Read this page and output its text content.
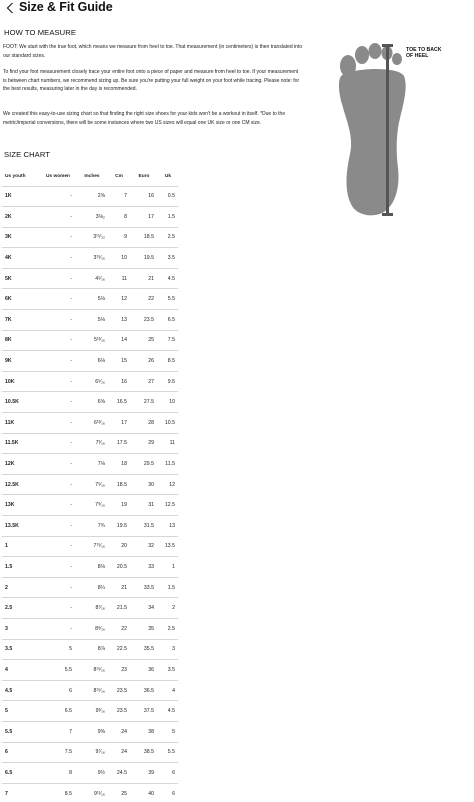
Size & Fit Guide
HOW TO MEASURE
FOOT: We start with the true foot, which means we measure from heel to toe. That measurement (in centimeters) is then translated into our standard sizes.
To find your foot measurement closely trace your entire foot onto a piece of paper and measure from heel to toe. If your measurement is between chart numbers, we recommend sizing up. Be sure you're putting your full weight on your foot while tracing. Please note: for the best results, measuring later in the day is recommended.
We created this easy-to-use sizing chart so that finding the right size shoes for your kids won't be a workout in itself. *Due to the metric/imperial conversions, there will be some instances where two US sizes will equal one UK size or one CM size.
TOE TO BACK OF HEEL
SIZE CHART
Us youth	Us women	Inches	Cm	Euro	Uk	
1K	-	2⅝	7	16	0.5	
2K	-	3⅛₂	8	17	1.5	
3K	-	3¹⁵⁄₃₂	9	18.5	2.5	
4K	-	3¹⁵⁄₁₆	10	19.5	3.5	
5K	-	4⁵⁄₁₆	11	21	4.5	
6K	-	5⅛	12	22	5.5	
7K	-	5⅛	13	23.5	6.5	
8K	-	5¹³⁄₁₆	14	25	7.5	
9K	-	6⅛	15	26	8.5	
10K	-	6⁵⁄₁₆	16	27	9.5	
10.5K	-	6⅝	16.5	27.5	10	
11K	-	6¹³⁄₁₆	17	28	10.5	
11.5K	-	7³⁄₁₆	17.5	29	11	
12K	-	7⅛	18	29.5	11.5	
12.5K	-	7⁵⁄₁₆	18.5	30	12	
13K	-	7⁹⁄₁₆	19	31	12.5	
13.5K	-	7¾	19.5	31.5	13	
1	-	7¹⁵⁄₁₆	20	32	13.5	
1.5	-	8⅛	20.5	33	1	
2	-	8¼	21	33.5	1.5	
2.5	-	8⁷⁄₁₆	21.5	34	2	
3	-	8⁹⁄₁₆	22	35	2.5	
3.5	5	8⅞	22.5	35.5	3	
4	5.5	8¹⁵⁄₁₆	23	36	3.5	
4.5	6	8¹⁵⁄₁₆	23.5	36.5	4	
5	6.5	9³⁄₁₆	23.5	37.5	4.5	
5.5	7	9⅜	24	38	5	
6	7.5	9⁷⁄₁₆	24	38.5	5.5	
6.5	8	9½	24.5	39	6	
7	8.5	9¹¹⁄₁₆	25	40	6	
